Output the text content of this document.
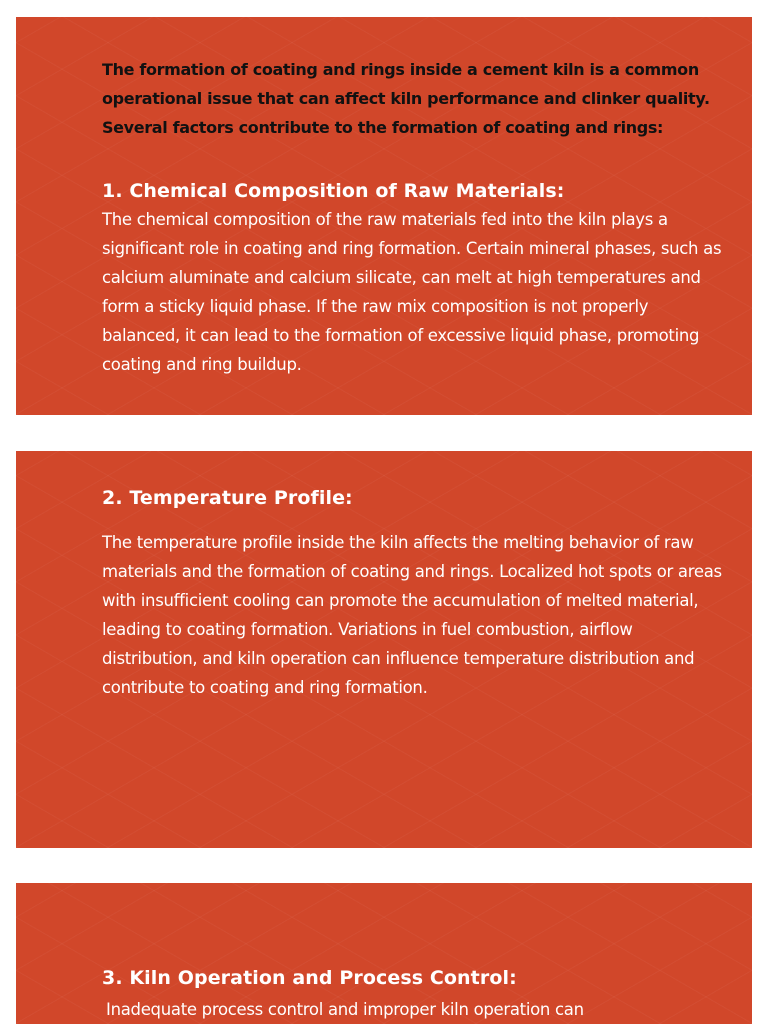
The formation of coating and rings inside a cement kiln is a common operational issue that can affect kiln performance and clinker quality. Several factors contribute to the formation of coating and rings:

1. Chemical Composition of Raw Materials:

The chemical composition of the raw materials fed into the kiln plays a significant role in coating and ring formation. Certain mineral phases, such as calcium aluminate and calcium silicate, can melt at high temperatures and form a sticky liquid phase. If the raw mix composition is not properly balanced, it can lead to the formation of excessive liquid phase, promoting coating and ring buildup.

2. Temperature Profile:

The temperature profile inside the kiln affects the melting behavior of raw materials and the formation of coating and rings. Localized hot spots or areas with insufficient cooling can promote the accumulation of melted material, leading to coating formation. Variations in fuel combustion, airflow distribution, and kiln operation can influence temperature distribution and contribute to coating and ring formation.

3. Kiln Operation and Process Control:

Inadequate process control and improper kiln operation can
